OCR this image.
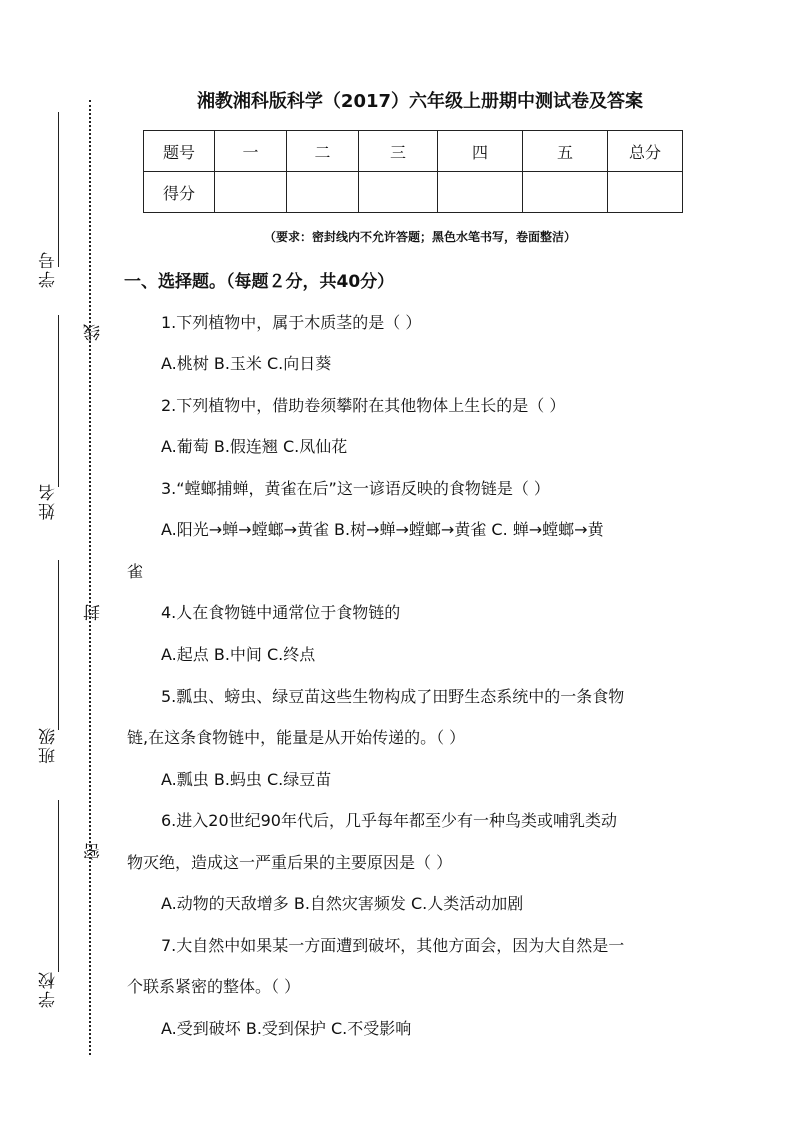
学号
姓名
班级
学校
线
封
密
湘教湘科版科学（2017）六年级上册期中测试卷及答案
题号	一	二	三	四	五	总分
得分						
（要求：密封线内不允许答题；黑色水笔书写，卷面整洁）
一、选择题。（每题２分，共40分）
1.下列植物中，属于木质茎的是（ ）
A.桃树 B.玉米 C.向日葵
2.下列植物中，借助卷须攀附在其他物体上生长的是（ ）
A.葡萄 B.假连翘 C.凤仙花
3.“螳螂捕蝉，黄雀在后”这一谚语反映的食物链是（ ）
A.阳光→蝉→螳螂→黄雀 B.树→蝉→螳螂→黄雀 C. 蝉→螳螂→黄
雀
4.人在食物链中通常位于食物链的
A.起点 B.中间 C.终点
5.瓢虫、螃虫、绿豆苗这些生物构成了田野生态系统中的一条食物
链,在这条食物链中，能量是从开始传递的。（ ）
A.瓢虫 B.蚂虫 C.绿豆苗
6.进入20世纪90年代后，几乎每年都至少有一种鸟类或哺乳类动
物灭绝，造成这一严重后果的主要原因是（ ）
A.动物的天敌增多 B.自然灾害频发 C.人类活动加剧
7.大自然中如果某一方面遭到破坏，其他方面会，因为大自然是一
个联系紧密的整体。（ ）
A.受到破坏 B.受到保护 C.不受影响
